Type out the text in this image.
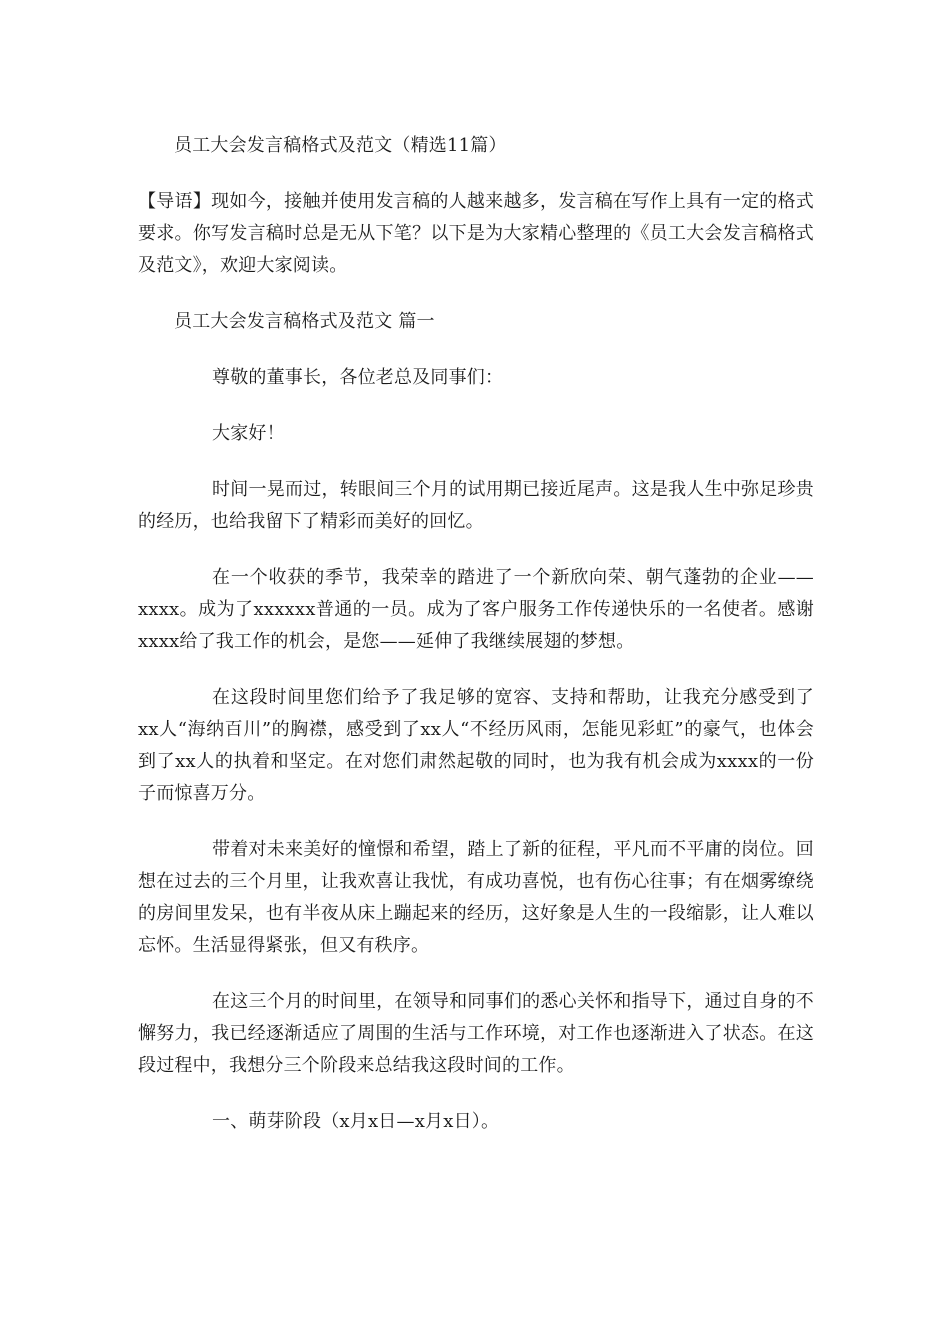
员工大会发言稿格式及范文（精选11篇）

【导语】现如今，接触并使用发言稿的人越来越多，发言稿在写作上具有一定的格式要求。你写发言稿时总是无从下笔？以下是为大家精心整理的《员工大会发言稿格式及范文》，欢迎大家阅读。

员工大会发言稿格式及范文 篇一

尊敬的董事长，各位老总及同事们：

大家好！

时间一晃而过，转眼间三个月的试用期已接近尾声。这是我人生中弥足珍贵的经历，也给我留下了精彩而美好的回忆。

在一个收获的季节，我荣幸的踏进了一个新欣向荣、朝气蓬勃的企业——xxxx。成为了xxxxxx普通的一员。成为了客户服务工作传递快乐的一名使者。感谢xxxx给了我工作的机会，是您——延伸了我继续展翅的梦想。

在这段时间里您们给予了我足够的宽容、支持和帮助，让我充分感受到了xx人“海纳百川”的胸襟，感受到了xx人“不经历风雨，怎能见彩虹”的豪气，也体会到了xx人的执着和坚定。在对您们肃然起敬的同时，也为我有机会成为xxxx的一份子而惊喜万分。

带着对未来美好的憧憬和希望，踏上了新的征程，平凡而不平庸的岗位。回想在过去的三个月里，让我欢喜让我忧，有成功喜悦，也有伤心往事；有在烟雾缭绕的房间里发呆，也有半夜从床上蹦起来的经历，这好象是人生的一段缩影，让人难以忘怀。生活显得紧张，但又有秩序。

在这三个月的时间里，在领导和同事们的悉心关怀和指导下，通过自身的不懈努力，我已经逐渐适应了周围的生活与工作环境，对工作也逐渐进入了状态。在这段过程中，我想分三个阶段来总结我这段时间的工作。

一、萌芽阶段（x月x日—x月x日）。
